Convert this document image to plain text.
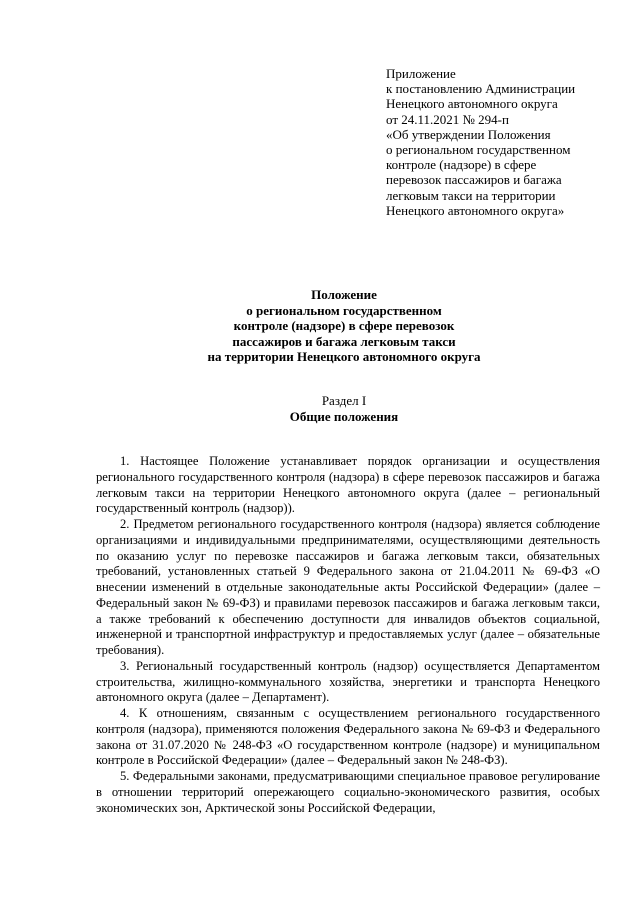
Приложение
к постановлению Администрации
Ненецкого автономного округа
от 24.11.2021 № 294-п
«Об утверждении Положения
о региональном государственном
контроле (надзоре) в сфере
перевозок пассажиров и багажа
легковым такси на территории
Ненецкого автономного округа»
Положение
о региональном государственном
контроле (надзоре) в сфере перевозок
пассажиров и багажа легковым такси
на территории Ненецкого автономного округа
Раздел I
Общие положения

1. Настоящее Положение устанавливает порядок организации и осуществления регионального государственного контроля (надзора) в сфере перевозок пассажиров и багажа легковым такси на территории Ненецкого автономного округа (далее – региональный государственный контроль (надзор)).

2. Предметом регионального государственного контроля (надзора) является соблюдение организациями и индивидуальными предпринимателями, осуществляющими деятельность по оказанию услуг по перевозке пассажиров и багажа легковым такси, обязательных требований, установленных статьей 9 Федерального закона от 21.04.2011 № 69-ФЗ «О внесении изменений в отдельные законодательные акты Российской Федерации» (далее – Федеральный закон № 69-ФЗ) и правилами перевозок пассажиров и багажа легковым такси, а также требований к обеспечению доступности для инвалидов объектов социальной, инженерной и транспортной инфраструктур и предоставляемых услуг (далее – обязательные требования).

3. Региональный государственный контроль (надзор) осуществляется Департаментом строительства, жилищно-коммунального хозяйства, энергетики и транспорта Ненецкого автономного округа (далее – Департамент).

4. К отношениям, связанным с осуществлением регионального государственного контроля (надзора), применяются положения Федерального закона № 69-ФЗ и Федерального закона от 31.07.2020 № 248-ФЗ «О государственном контроле (надзоре) и муниципальном контроле в Российской Федерации» (далее – Федеральный закон № 248-ФЗ).

5. Федеральными законами, предусматривающими специальное правовое регулирование в отношении территорий опережающего социально-экономического развития, особых экономических зон, Арктической зоны Российской Федерации,
